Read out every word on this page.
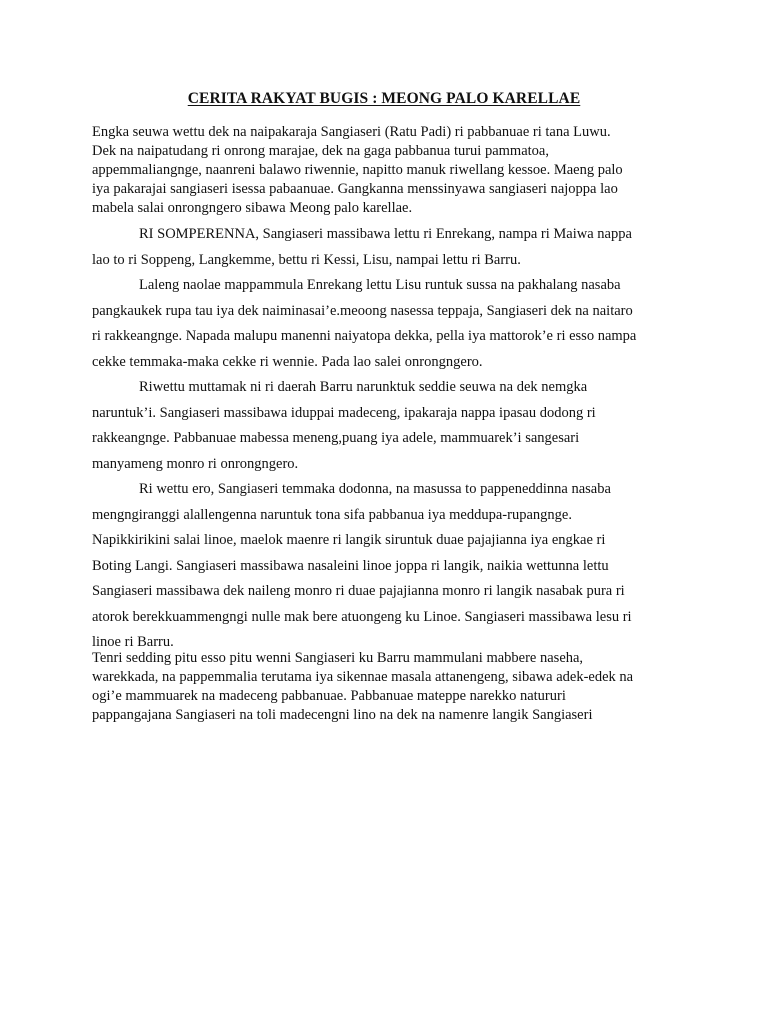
CERITA RAKYAT BUGIS : MEONG PALO KARELLAE
Engka seuwa wettu dek na naipakaraja Sangiaseri (Ratu Padi) ri pabbanuae ri tana Luwu.
Dek na naipatudang ri onrong marajae, dek na gaga pabbanua turui pammatoa,
appemmaliangnge, naanreni balawo riwennie, napitto manuk riwellang kessoe. Maeng palo
iya pakarajai sangiaseri isessa pabaanuae. Gangkanna menssinyawa sangiaseri najoppa lao
mabela salai onrongngero sibawa Meong palo karellae.
RI SOMPERENNA, Sangiaseri massibawa lettu ri Enrekang, nampa ri Maiwa nappa
lao to ri Soppeng, Langkemme, bettu ri Kessi, Lisu, nampai lettu ri Barru.
Laleng naolae mappammula Enrekang lettu Lisu runtuk sussa na pakhalang nasaba
pangkaukek rupa tau iya dek naiminasai’e.meoong nasessa teppaja, Sangiaseri dek na naitaro
ri rakkeangnge. Napada malupu manenni naiyatopa dekka, pella iya mattorok’e ri esso nampa
cekke temmaka-maka cekke ri wennie. Pada lao salei onrongngero.
Riwettu muttamak ni ri daerah Barru narunktuk seddie seuwa na dek nemgka
naruntuk’i. Sangiaseri massibawa iduppai madeceng, ipakaraja nappa ipasau dodong ri
rakkeangnge. Pabbanuae mabessa meneng,puang iya adele, mammuarek’i sangesari
manyameng monro ri onrongngero.
Ri wettu ero, Sangiaseri temmaka dodonna, na masussa to pappeneddinna nasaba
mengngiranggi alallengenna naruntuk tona sifa pabbanua iya meddupa-rupangnge.
Napikkirikini salai linoe, maelok maenre ri langik siruntuk duae pajajianna iya engkae ri
Boting Langi. Sangiaseri massibawa nasaleini linoe joppa ri langik, naikia wettunna lettu
Sangiaseri massibawa dek naileng monro ri duae pajajianna monro ri langik nasabak pura ri
atorok berekkuammengngi nulle mak bere atuongeng ku Linoe. Sangiaseri massibawa lesu ri
linoe ri Barru.
Tenri sedding pitu esso pitu wenni Sangiaseri ku Barru mammulani mabbere naseha,
warekkada, na pappemmalia terutama iya sikennae masala attanengeng, sibawa adek-edek na
ogi’e mammuarek na madeceng pabbanuae. Pabbanuae mateppe narekko natururi
pappangajana Sangiaseri na toli madecengni lino na dek na namenre langik Sangiaseri
